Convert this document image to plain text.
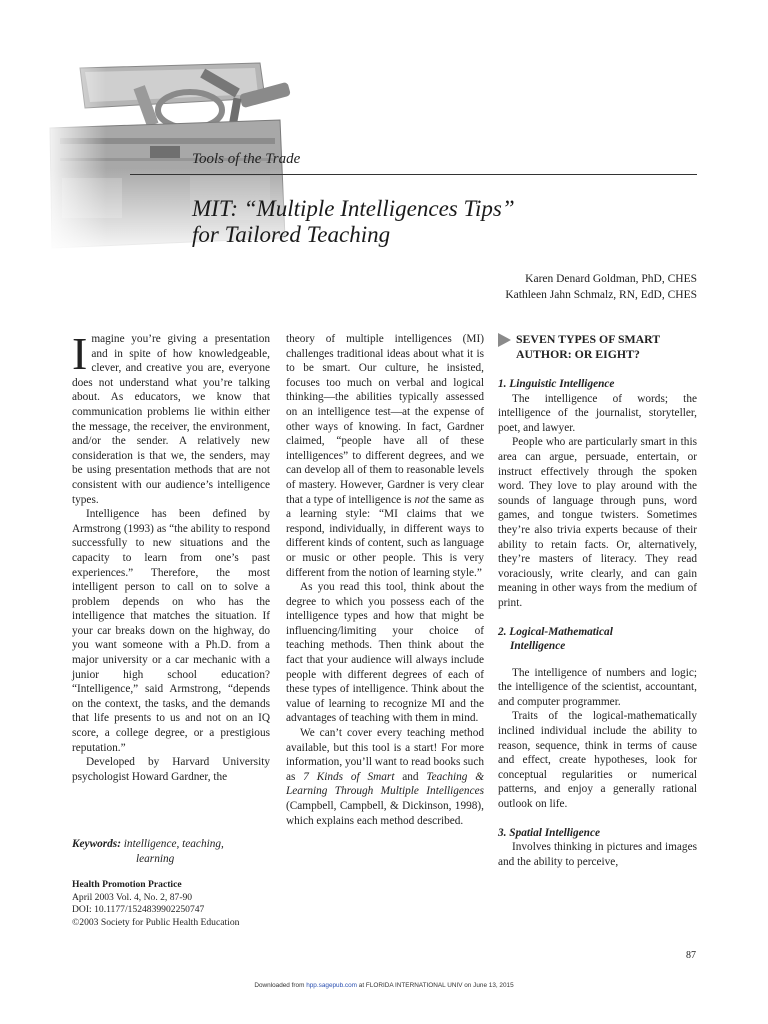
Tools of the Trade
MIT: “Multiple Intelligences Tips”
for Tailored Teaching
Karen Denard Goldman, PhD, CHES
Kathleen Jahn Schmalz, RN, EdD, CHES

Imagine you’re giving a presentation and in spite of how knowledgeable, clever, and creative you are, everyone does not understand what you’re talking about. As educators, we know that communication problems lie within either the message, the receiver, the environment, and/or the sender. A relatively new consideration is that we, the senders, may be using presentation methods that are not consistent with our audience’s intelligence types.

Intelligence has been defined by Armstrong (1993) as “the ability to respond successfully to new situations and the capacity to learn from one’s past experiences.” Therefore, the most intelligent person to call on to solve a problem depends on who has the intelligence that matches the situation. If your car breaks down on the highway, do you want someone with a Ph.D. from a major university or a car mechanic with a junior high school education? “Intelligence,” said Armstrong, “depends on the context, the tasks, and the demands that life presents to us and not on an IQ score, a college degree, or a prestigious reputation.”

Developed by Harvard University psychologist Howard Gardner, the

Keywords: intelligence, teaching,
learning
Health Promotion Practice
April 2003 Vol. 4, No. 2, 87-90
DOI: 10.1177/1524839902250747
©2003 Society for Public Health Education

theory of multiple intelligences (MI) challenges traditional ideas about what it is to be smart. Our culture, he insisted, focuses too much on verbal and logical thinking—the abilities typically assessed on an intelligence test—at the expense of other ways of knowing. In fact, Gardner claimed, “people have all of these intelligences” to different degrees, and we can develop all of them to reasonable levels of mastery. However, Gardner is very clear that a type of intelligence is not the same as a learning style: “MI claims that we respond, individually, in different ways to different kinds of content, such as language or music or other people. This is very different from the notion of learning style.”

As you read this tool, think about the degree to which you possess each of the intelligence types and how that might be influencing/limiting your choice of teaching methods. Then think about the fact that your audience will always include people with different degrees of each of these types of intelligence. Think about the value of learning to recognize MI and the advantages of teaching with them in mind.

We can’t cover every teaching method available, but this tool is a start! For more information, you’ll want to read books such as 7 Kinds of Smart and Teaching & Learning Through Multiple Intelligences (Campbell, Campbell, & Dickinson, 1998), which explains each method described.

SEVEN TYPES OF SMART
AUTHOR: OR EIGHT?

1. Linguistic Intelligence

The intelligence of words; the intelligence of the journalist, storyteller, poet, and lawyer.

People who are particularly smart in this area can argue, persuade, entertain, or instruct effectively through the spoken word. They love to play around with the sounds of language through puns, word games, and tongue twisters. Sometimes they’re also trivia experts because of their ability to retain facts. Or, alternatively, they’re masters of literacy. They read voraciously, write clearly, and can gain meaning in other ways from the medium of print.

2. Logical-Mathematical
Intelligence

The intelligence of numbers and logic; the intelligence of the scientist, accountant, and computer programmer.

Traits of the logical-mathematically inclined individual include the ability to reason, sequence, think in terms of cause and effect, create hypotheses, look for conceptual regularities or numerical patterns, and enjoy a generally rational outlook on life.

3. Spatial Intelligence

Involves thinking in pictures and images and the ability to perceive,

87
Downloaded from hpp.sagepub.com at FLORIDA INTERNATIONAL UNIV on June 13, 2015
